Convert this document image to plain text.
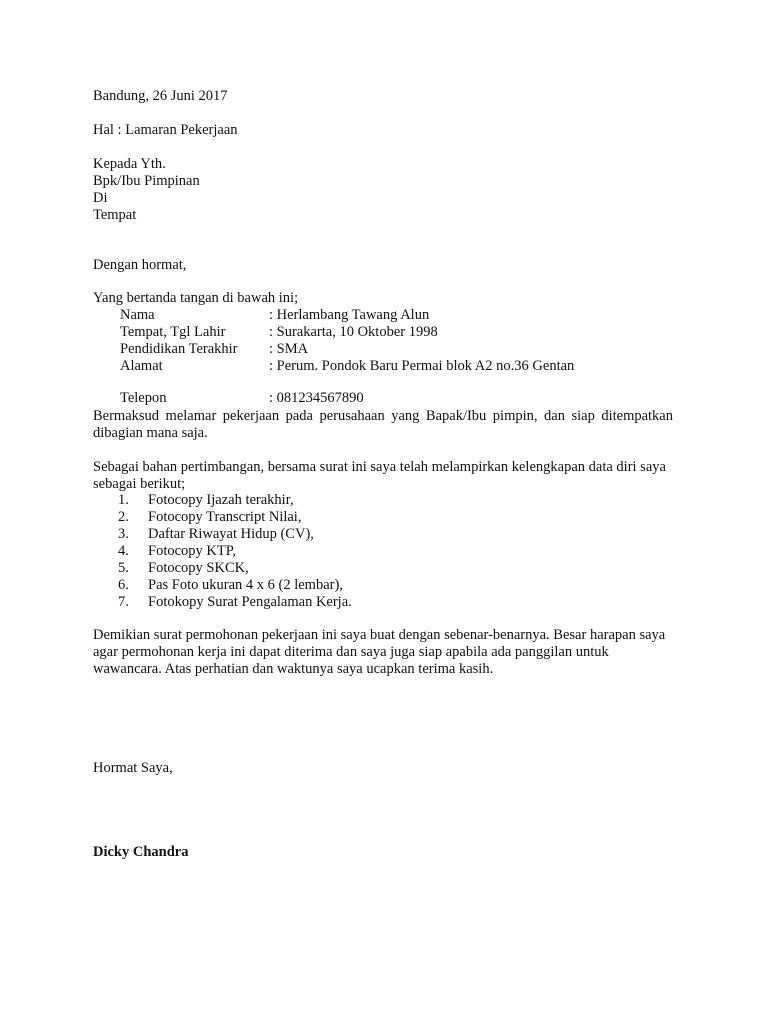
Bandung, 26 Juni 2017
Hal : Lamaran Pekerjaan
Kepada Yth.
Bpk/Ibu Pimpinan
Di
Tempat
Dengan hormat,
Yang bertanda tangan di bawah ini;
Nama	: Herlambang Tawang Alun
Tempat, Tgl Lahir	: Surakarta, 10 Oktober 1998
Pendidikan Terakhir : SMA
Alamat	: Perum. Pondok Baru Permai blok A2 no.36 Gentan
Telepon	: 081234567890
Bermaksud melamar pekerjaan pada perusahaan yang Bapak/Ibu pimpin, dan siap ditempatkan dibagian mana saja.
Sebagai bahan pertimbangan, bersama surat ini saya telah melampirkan kelengkapan data diri saya sebagai berikut;
1. Fotocopy Ijazah terakhir,
2. Fotocopy Transcript Nilai,
3. Daftar Riwayat Hidup (CV),
4. Fotocopy KTP,
5. Fotocopy SKCK,
6. Pas Foto ukuran 4 x 6 (2 lembar),
7. Fotokopy Surat Pengalaman Kerja.
Demikian surat permohonan pekerjaan ini saya buat dengan sebenar-benarnya. Besar harapan saya agar permohonan kerja ini dapat diterima dan saya juga siap apabila ada panggilan untuk wawancara. Atas perhatian dan waktunya saya ucapkan terima kasih.
Hormat Saya,
Dicky Chandra
